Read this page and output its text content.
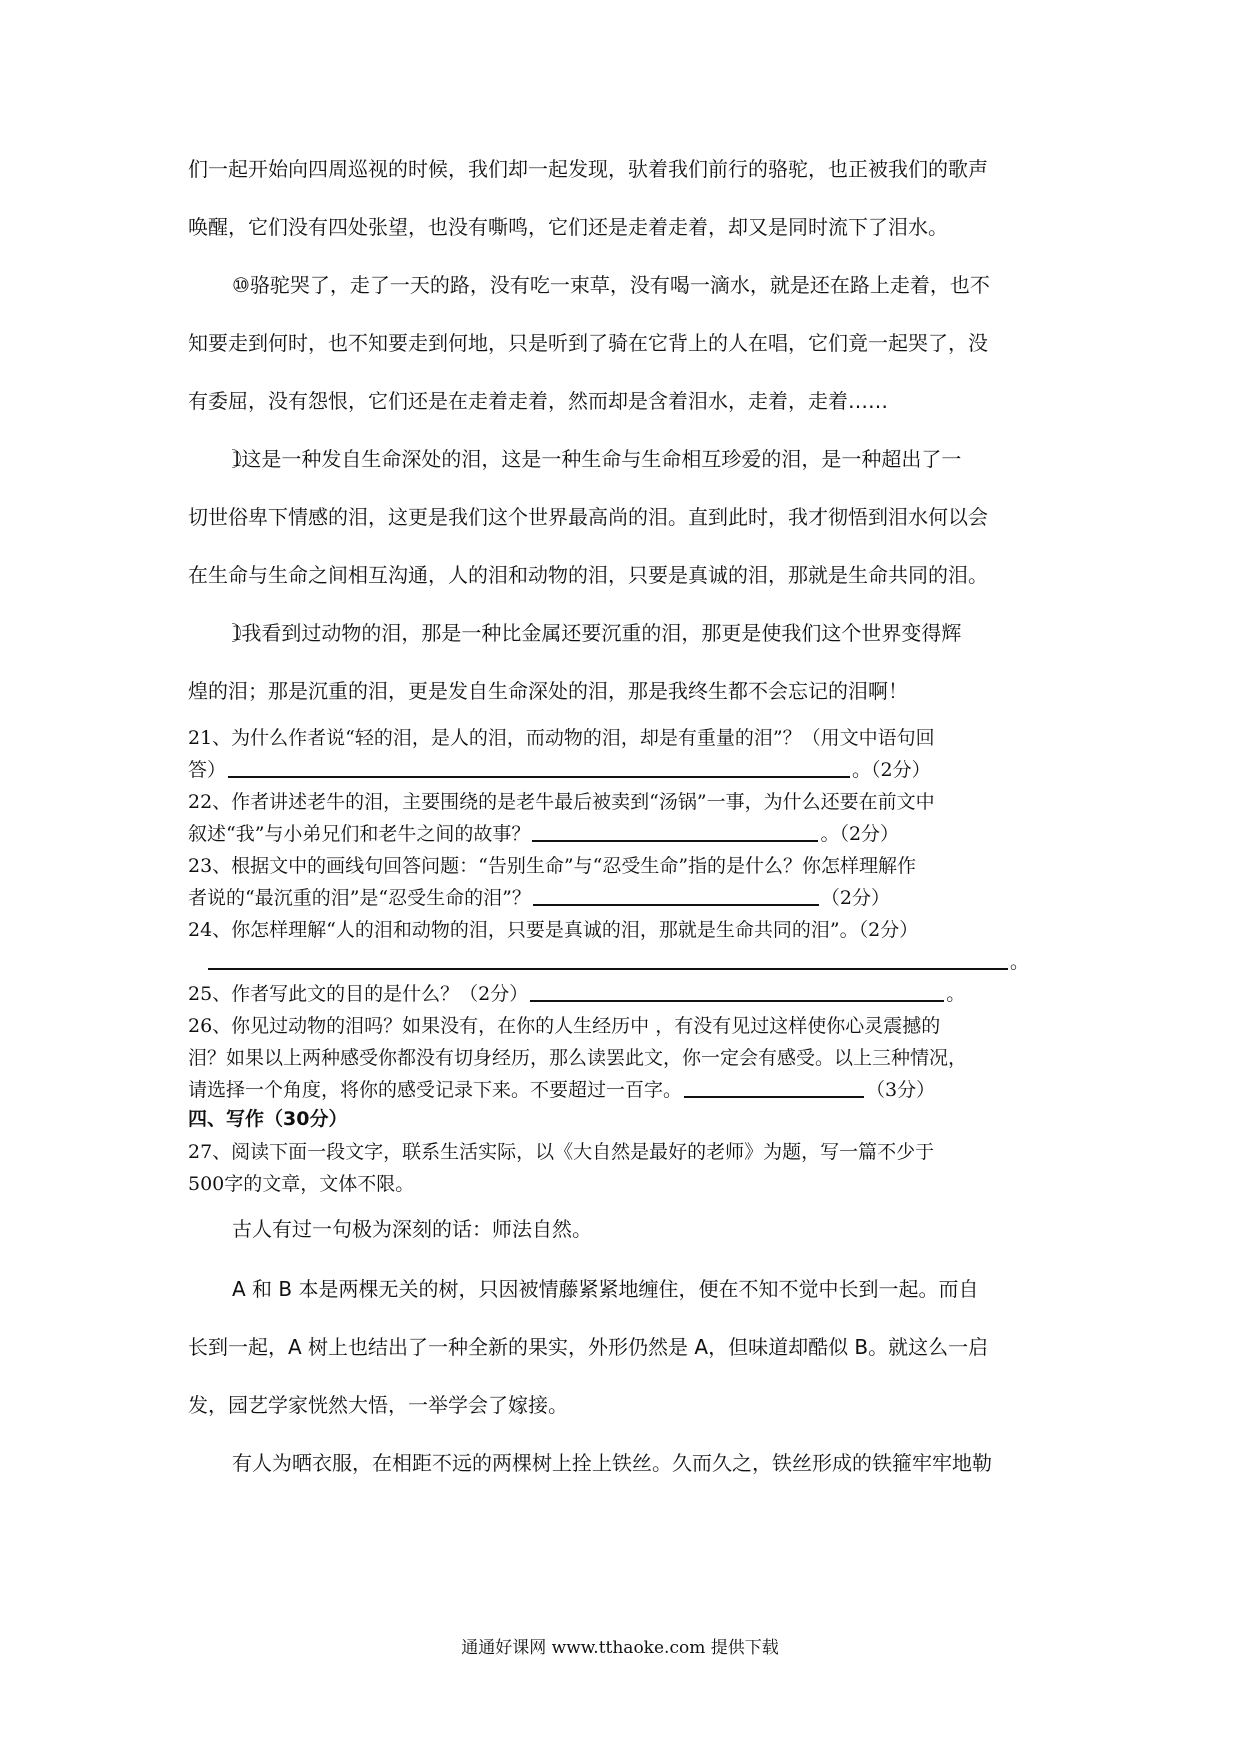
们一起开始向四周巡视的时候，我们却一起发现，驮着我们前行的骆驼，也正被我们的歌声
唤醒，它们没有四处张望，也没有嘶鸣，它们还是走着走着，却又是同时流下了泪水。
⑩骆驼哭了，走了一天的路，没有吃一束草，没有喝一滴水，就是还在路上走着，也不
知要走到何时，也不知要走到何地，只是听到了骑在它背上的人在唱，它们竟一起哭了，没
有委屈，没有怨恨，它们还是在走着走着，然而却是含着泪水，走着，走着……
1⃝这是一种发自生命深处的泪，这是一种生命与生命相互珍爱的泪，是一种超出了一
切世俗卑下情感的泪，这更是我们这个世界最高尚的泪。直到此时，我才彻悟到泪水何以会
在生命与生命之间相互沟通，人的泪和动物的泪，只要是真诚的泪，那就是生命共同的泪。
1⃝我看到过动物的泪，那是一种比金属还要沉重的泪，那更是使我们这个世界变得辉
煌的泪；那是沉重的泪，更是发自生命深处的泪，那是我终生都不会忘记的泪啊！
21、为什么作者说“轻的泪，是人的泪，而动物的泪，却是有重量的泪”？（用文中语句回
答）	。（2分）
22、作者讲述老牛的泪，主要围绕的是老牛最后被卖到“汤锅”一事，为什么还要在前文中
叙述“我”与小弟兄们和老牛之间的故事？	。（2分）
23、根据文中的画线句回答问题：“告别生命”与“忍受生命”指的是什么？你怎样理解作
者说的“最沉重的泪”是“忍受生命的泪”？	（2分）
24、你怎样理解“人的泪和动物的泪，只要是真诚的泪，那就是生命共同的泪”。（2分）
。
25、作者写此文的目的是什么？（2分）	。
26、你见过动物的泪吗？如果没有，在你的人生经历中 ，有没有见过这样使你心灵震撼的
泪？如果以上两种感受你都没有切身经历，那么读罢此文，你一定会有感受。以上三种情况，
请选择一个角度，将你的感受记录下来。不要超过一百字。	（3分）
四、写作（30分）
27、阅读下面一段文字，联系生活实际，以《大自然是最好的老师》为题，写一篇不少于
500字的文章，文体不限。
古人有过一句极为深刻的话：师法自然。
A 和 B 本是两棵无关的树，只因被情藤紧紧地缠住，便在不知不觉中长到一起。而自
长到一起，A 树上也结出了一种全新的果实，外形仍然是 A，但味道却酷似 B。就这么一启
发，园艺学家恍然大悟，一举学会了嫁接。
有人为晒衣服，在相距不远的两棵树上拴上铁丝。久而久之，铁丝形成的铁箍牢牢地勒
通通好课网 www.tthaoke.com 提供下载
